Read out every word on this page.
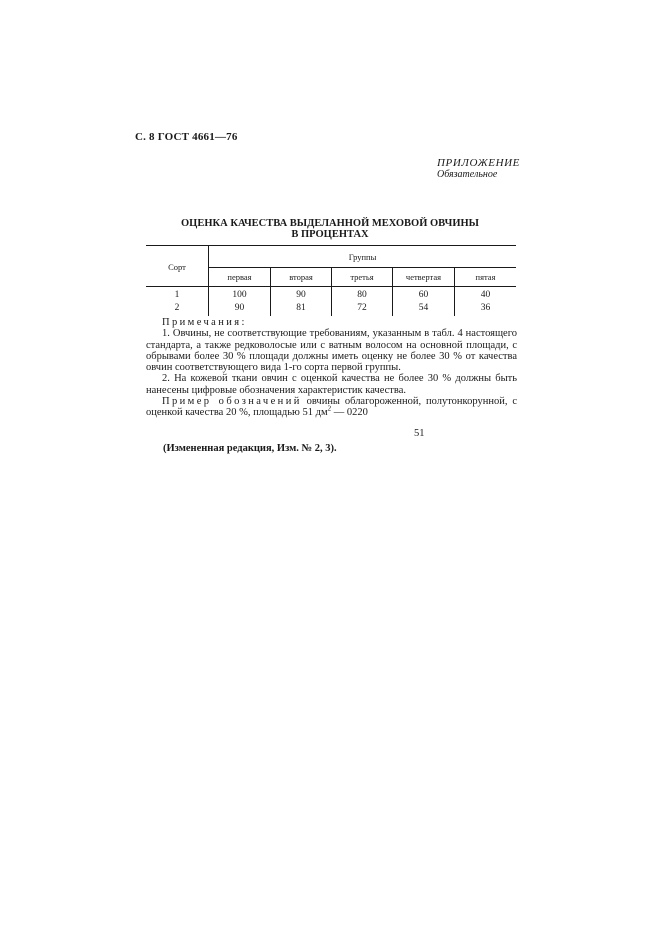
С. 8 ГОСТ 4661—76
ПРИЛОЖЕНИЕ
Обязательное
ОЦЕНКА КАЧЕСТВА ВЫДЕЛАННОЙ МЕХОВОЙ ОВЧИНЫ
В ПРОЦЕНТАХ
Сорт
Группы
первая	вторая	третья	четвертая	пятая
1	100	90	80	60	40
2	90	81	72	54	36

Примечания:

1. Овчины, не соответствующие требованиям, указанным в табл. 4 настоящего стандарта, а также редковолосые или с ватным волосом на основной площади, с обрывами более 30 % площади должны иметь оценку не более 30 % от качества овчин соответствующего вида 1-го сорта первой группы.

2. На кожевой ткани овчин с оценкой качества не более 30 % должны быть нанесены цифровые обозначения характеристик качества.

Пример обозначений овчины облагороженной, полутонкорунной, с оценкой качества 20 %, площадью 51 $дм^2$ — 0220

51
(Измененная редакция, Изм. № 2, 3).
